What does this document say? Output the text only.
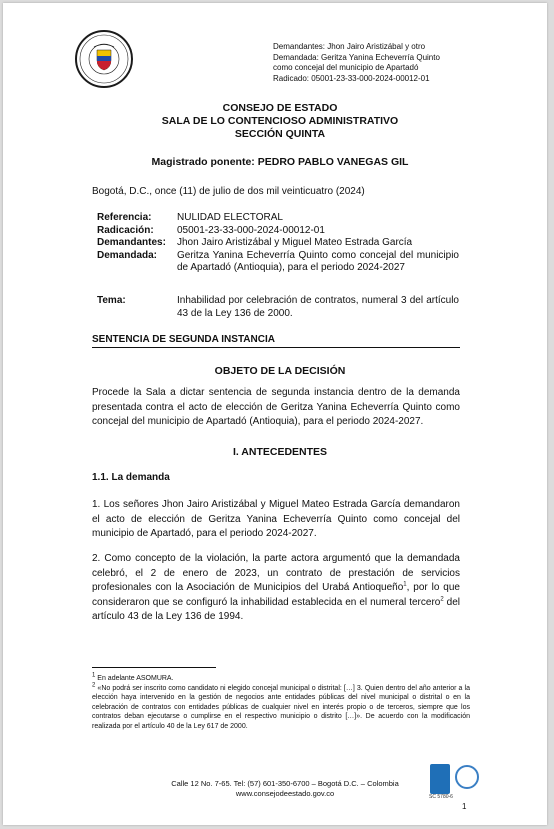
Demandantes: Jhon Jairo Aristizábal y otro
Demandada: Geritza Yanina Echeverría Quinto
como concejal del municipio de Apartadó
Radicado: 05001-23-33-000-2024-00012-01
CONSEJO DE ESTADO
SALA DE LO CONTENCIOSO ADMINISTRATIVO
SECCIÓN QUINTA
Magistrado ponente: PEDRO PABLO VANEGAS GIL
Bogotá, D.C., once (11) de julio de dos mil veinticuatro (2024)
Referencia:	NULIDAD ELECTORAL
Radicación:	05001-23-33-000-2024-00012-01
Demandantes:	Jhon Jairo Aristizábal y Miguel Mateo Estrada García
Demandada:	Geritza Yanina Echeverría Quinto como concejal del municipio de Apartadó (Antioquia), para el periodo 2024-2027
Tema:	Inhabilidad por celebración de contratos, numeral 3 del artículo 43 de la Ley 136 de 2000.
SENTENCIA DE SEGUNDA INSTANCIA
OBJETO DE LA DECISIÓN
Procede la Sala a dictar sentencia de segunda instancia dentro de la demanda presentada contra el acto de elección de Geritza Yanina Echeverría Quinto como concejal del municipio de Apartadó (Antioquia), para el periodo 2024-2027.
I. ANTECEDENTES
1.1. La demanda
1. Los señores Jhon Jairo Aristizábal y Miguel Mateo Estrada García demandaron el acto de elección de Geritza Yanina Echeverría Quinto como concejal del municipio de Apartadó, para el periodo 2024-2027.
2. Como concepto de la violación, la parte actora argumentó que la demandada celebró, el 2 de enero de 2023, un contrato de prestación de servicios profesionales con la Asociación de Municipios del Urabá Antioqueño$^1$, por lo que consideraron que se configuró la inhabilidad establecida en el numeral tercero$^2$ del artículo 43 de la Ley 136 de 1994.
$^1$ En adelante ASOMURA.
$^2$ «No podrá ser inscrito como candidato ni elegido concejal municipal o distrital: […] 3. Quien dentro del año anterior a la elección haya intervenido en la gestión de negocios ante entidades públicas del nivel municipal o distrital o en la celebración de contratos con entidades públicas de cualquier nivel en interés propio o de terceros, siempre que los contratos deban ejecutarse o cumplirse en el respectivo municipio o distrito […]». De acuerdo con la modificación realizada por el artículo 40 de la Ley 617 de 2000.
Calle 12 No. 7-65. Tel: (57) 601-350-6700 – Bogotá D.C. – Colombia
www.consejodeestado.gov.co	SC 5780-6
1
